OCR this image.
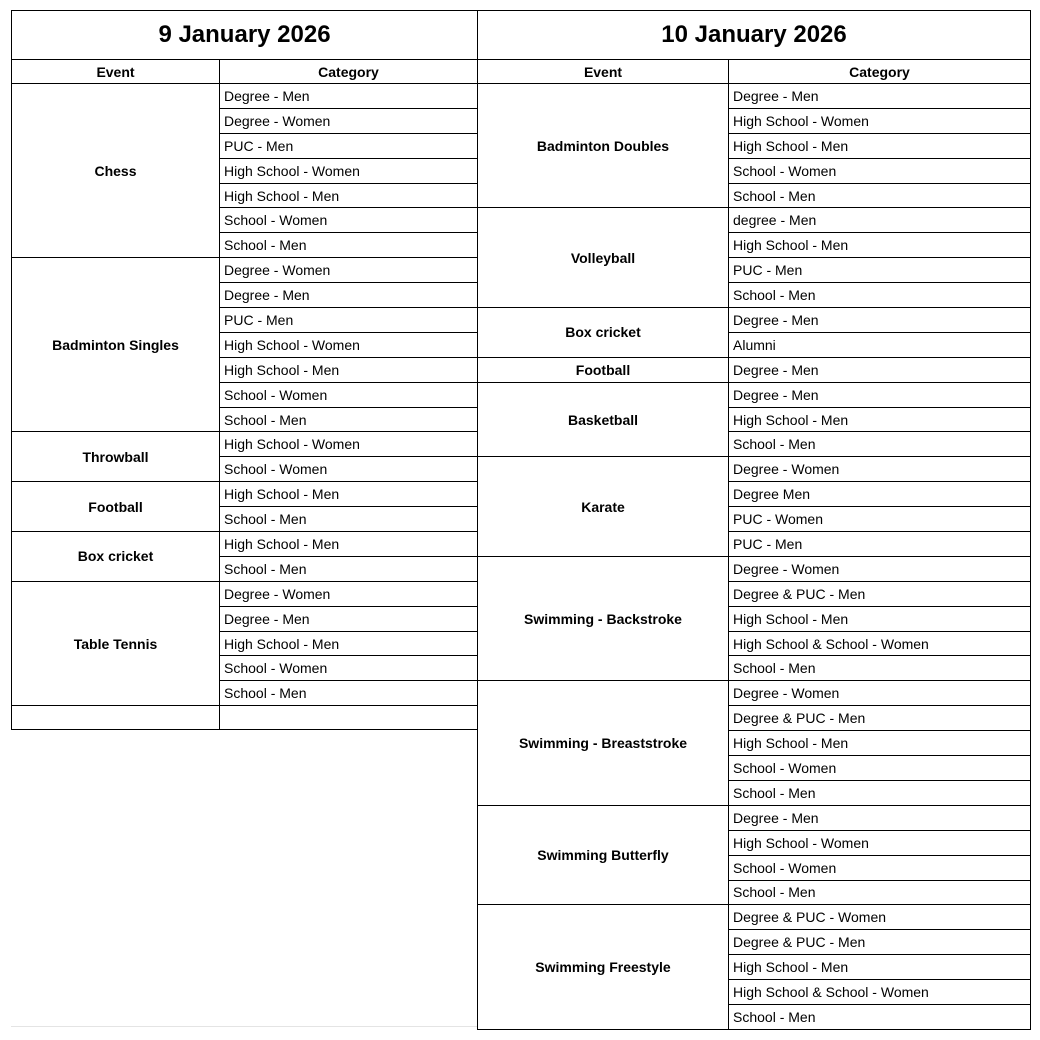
9 January 2026	
Event	Category
Chess	Degree - Men
	Degree - Women
	PUC - Men
	High School - Women
	High School - Men
	School - Women
	School - Men
Badminton Singles	Degree - Women
	Degree - Men
	PUC - Men
	High School - Women
	High School - Men
	School - Women
	School - Men
Throwball	High School - Women
	School - Women
Football	High School - Men
	School - Men
Box cricket	High School - Men
	School - Men
Table Tennis	Degree - Women
	Degree - Men
	High School - Men
	School - Women
	School - Men

10 January 2026	
Event	Category
Badminton Doubles	Degree - Men
	High School - Women
	High School - Men
	School - Women
	School - Men
Volleyball	degree - Men
	High School - Men
	PUC - Men
	School - Men
Box cricket	Degree - Men
	Alumni
Football	Degree - Men
Basketball	Degree - Men
	High School - Men
	School - Men
Karate	Degree - Women
	Degree Men
	PUC - Women
	PUC - Men
Swimming - Backstroke	Degree - Women
	Degree & PUC - Men
	High School - Men
	High School & School - Women
	School - Men
Swimming - Breaststroke	Degree - Women
	Degree & PUC - Men
	High School - Men
	School - Women
	School - Men
Swimming Butterfly	Degree - Men
	High School - Women
	School - Women
	School - Men
Swimming Freestyle	Degree & PUC - Women
	Degree & PUC - Men
	High School - Men
	High School & School - Women
	School - Men
